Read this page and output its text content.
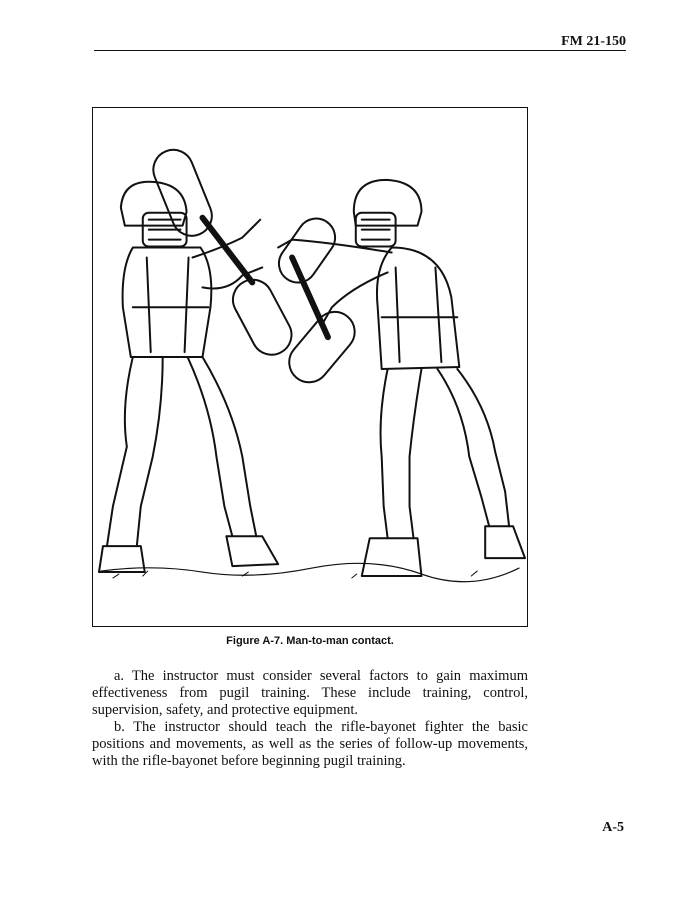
FM 21-150
Figure A-7. Man-to-man contact.

a. The instructor must consider several factors to gain maximum effectiveness from pugil training. These include training, control, supervision, safety, and protective equipment.

b. The instructor should teach the rifle-bayonet fighter the basic positions and movements, as well as the series of follow-up movements, with the rifle-bayonet before beginning pugil training.

A-5
